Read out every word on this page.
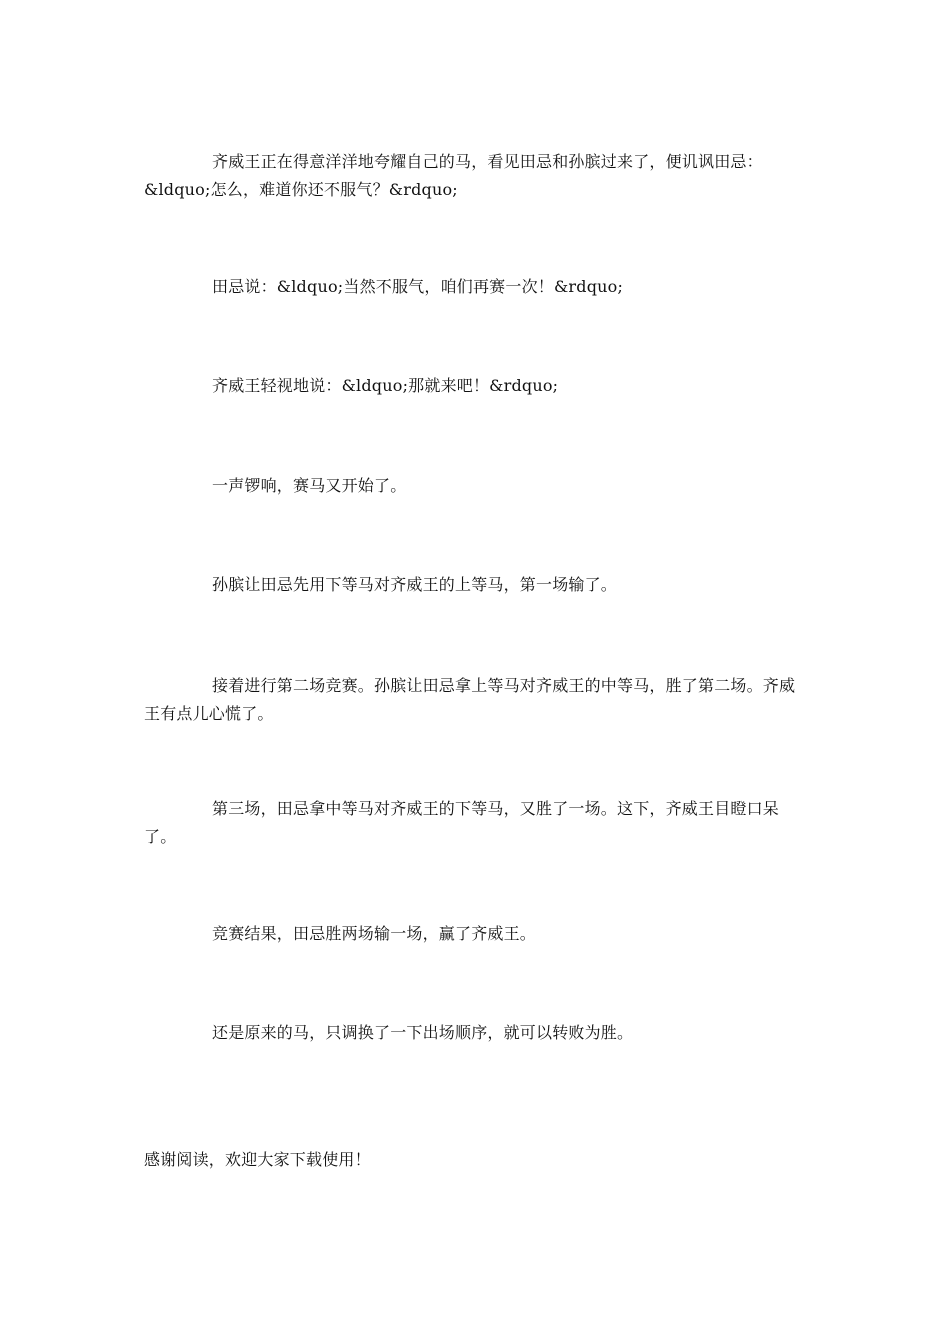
齐威王正在得意洋洋地夸耀自己的马，看见田忌和孙膑过来了，便讥讽田忌：&ldquo;怎么，难道你还不服气？&rdquo;

田忌说：&ldquo;当然不服气，咱们再赛一次！&rdquo;

齐威王轻视地说：&ldquo;那就来吧！&rdquo;

一声锣响，赛马又开始了。

孙膑让田忌先用下等马对齐威王的上等马，第一场输了。

接着进行第二场竞赛。孙膑让田忌拿上等马对齐威王的中等马，胜了第二场。齐威王有点儿心慌了。

第三场，田忌拿中等马对齐威王的下等马，又胜了一场。这下，齐威王目瞪口呆了。

竞赛结果，田忌胜两场输一场，赢了齐威王。

还是原来的马，只调换了一下出场顺序，就可以转败为胜。

感谢阅读，欢迎大家下载使用！
